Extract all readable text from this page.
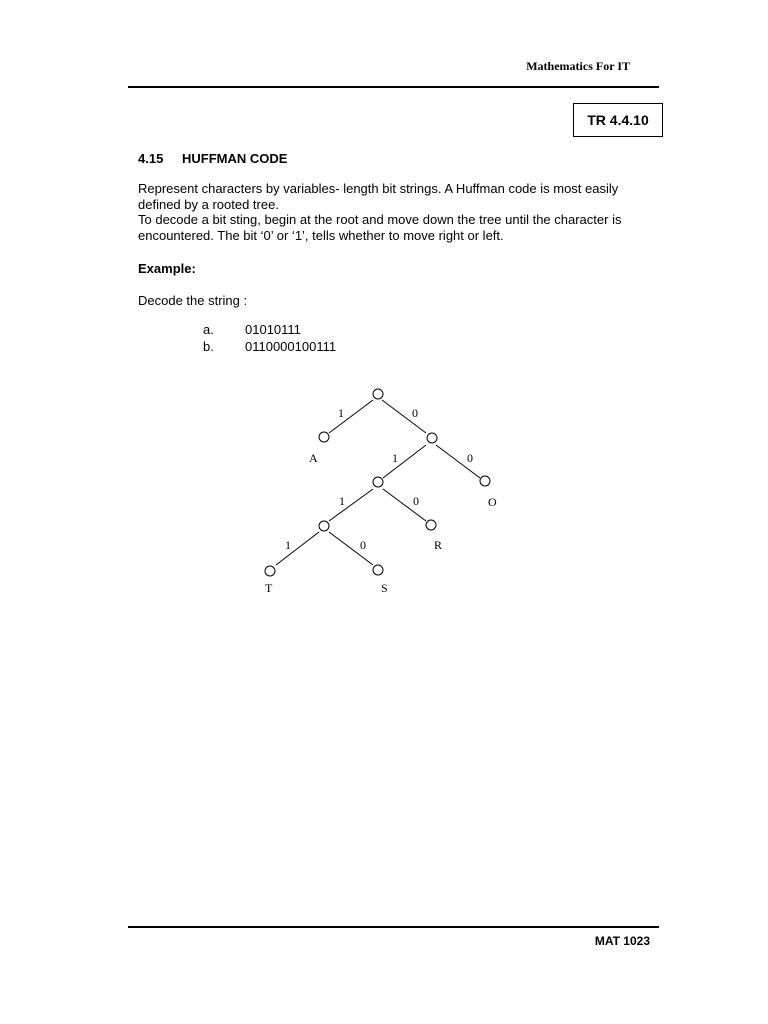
Mathematics For IT
TR 4.4.10
4.15 HUFFMAN CODE

Represent characters by variables- length bit strings. A Huffman code is most easily defined by a rooted tree.

To decode a bit sting, begin at the root and move down the tree until the character is encountered. The bit ‘0’ or ‘1’, tells whether to move right or left.

Example:
Decode the string :
a. 01010111
b. 0110000100111
1	0
1	0
1	0
1	0
A
O
R
T	S
MAT 1023
